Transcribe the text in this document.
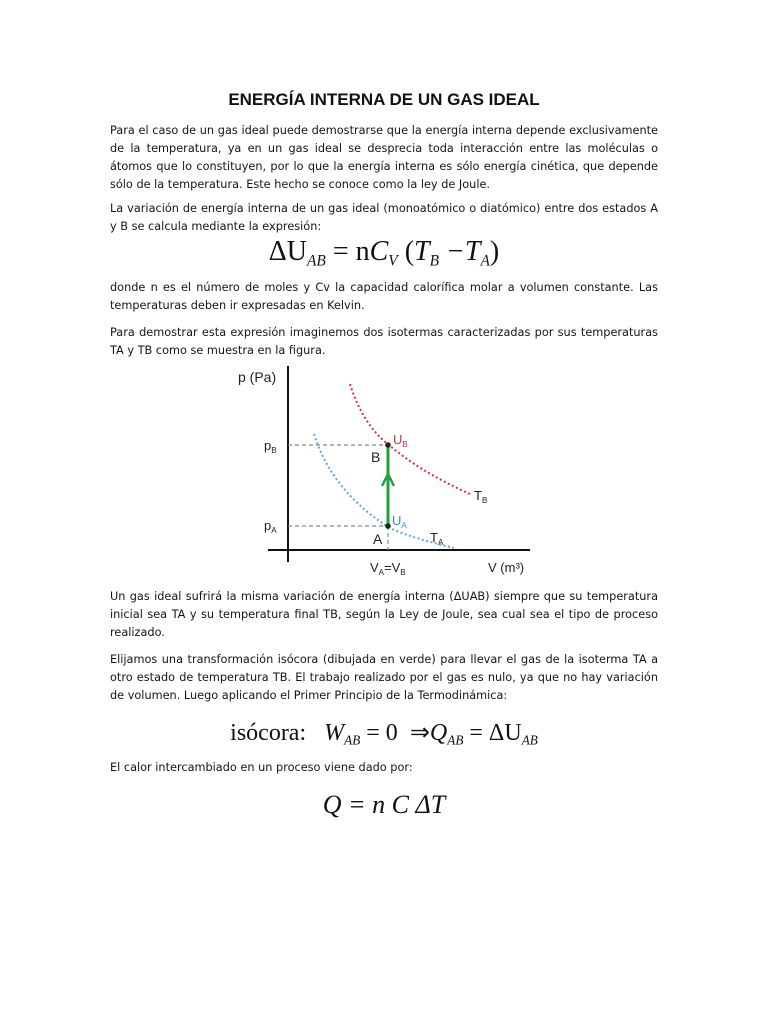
ENERGÍA INTERNA DE UN GAS IDEAL

Para el caso de un gas ideal puede demostrarse que la energía interna depende exclusivamente de la temperatura, ya en un gas ideal se desprecia toda interacción entre las moléculas o átomos que lo constituyen, por lo que la energía interna es sólo energía cinética, que depende sólo de la temperatura. Este hecho se conoce como la ley de Joule.

La variación de energía interna de un gas ideal (monoatómico o diatómico) entre dos estados A y B se calcula mediante la expresión:

$\Delta U_{AB} = nC_V$ $(T_B -T_A)$

donde n es el número de moles y Cv la capacidad calorífica molar a volumen constante. Las temperaturas deben ir expresadas en Kelvin.

Para demostrar esta expresión imaginemos dos isotermas caracterizadas por sus temperaturas TA y TB como se muestra en la figura.

p (Pa)
V (m³)
$p_B$
$p_A$
$U_B$
$U_A$
B
A
$T_B$
$T_A$
$V_A=V_B$

Un gas ideal sufrirá la misma variación de energía interna (ΔUAB) siempre que su temperatura inicial sea TA y su temperatura final TB, según la Ley de Joule, sea cual sea el tipo de proceso realizado.

Elijamos una transformación isócora (dibujada en verde) para llevar el gas de la isoterma TA a otro estado de temperatura TB. El trabajo realizado por el gas es nulo, ya que no hay variación de volumen. Luego aplicando el Primer Principio de la Termodinámica:

isócora: $W_{AB} = 0$ $\Rightarrow Q_{AB} = \Delta U_{AB}$

El calor intercambiado en un proceso viene dado por:

Q = n C ΔT
